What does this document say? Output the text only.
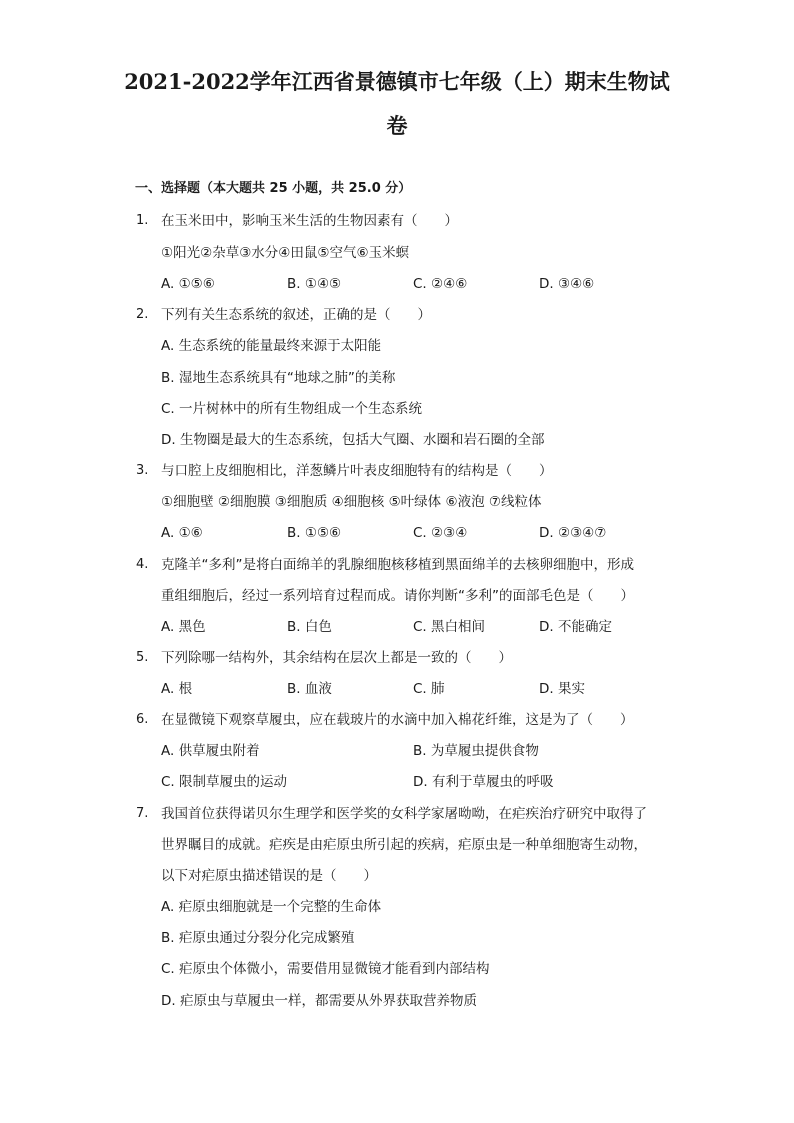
2021-2022学年江西省景德镇市七年级（上）期末生物试
卷
一、选择题（本大题共 25 小题，共 25.0 分）
1. 在玉米田中，影响玉米生活的生物因素有（　　）
①阳光②杂草③水分④田鼠⑤空气⑥玉米螟
A. ①⑤⑥	B. ①④⑤	C. ②④⑥	D. ③④⑥
2. 下列有关生态系统的叙述，正确的是（　　）
A. 生态系统的能量最终来源于太阳能
B. 湿地生态系统具有“地球之肺”的美称
C. 一片树林中的所有生物组成一个生态系统
D. 生物圈是最大的生态系统，包括大气圈、水圈和岩石圈的全部
3. 与口腔上皮细胞相比，洋葱鳞片叶表皮细胞特有的结构是（　　）
①细胞壁 ②细胞膜 ③细胞质 ④细胞核 ⑤叶绿体 ⑥液泡 ⑦线粒体
A. ①⑥	B. ①⑤⑥	C. ②③④	D. ②③④⑦
4. 克隆羊“多利”是将白面绵羊的乳腺细胞核移植到黑面绵羊的去核卵细胞中，形成
重组细胞后，经过一系列培育过程而成。请你判断“多利”的面部毛色是（　　）
A. 黑色	B. 白色	C. 黑白相间	D. 不能确定
5. 下列除哪一结构外，其余结构在层次上都是一致的（　　）
A. 根	B. 血液	C. 肺	D. 果实
6. 在显微镜下观察草履虫，应在载玻片的水滴中加入棉花纤维，这是为了（　　）
A. 供草履虫附着	B. 为草履虫提供食物
C. 限制草履虫的运动	D. 有利于草履虫的呼吸
7. 我国首位获得诺贝尔生理学和医学奖的女科学家屠呦呦，在疟疾治疗研究中取得了
世界瞩目的成就。疟疾是由疟原虫所引起的疾病，疟原虫是一种单细胞寄生动物，
以下对疟原虫描述错误的是（　　）
A. 疟原虫细胞就是一个完整的生命体
B. 疟原虫通过分裂分化完成繁殖
C. 疟原虫个体微小，需要借用显微镜才能看到内部结构
D. 疟原虫与草履虫一样，都需要从外界获取营养物质
